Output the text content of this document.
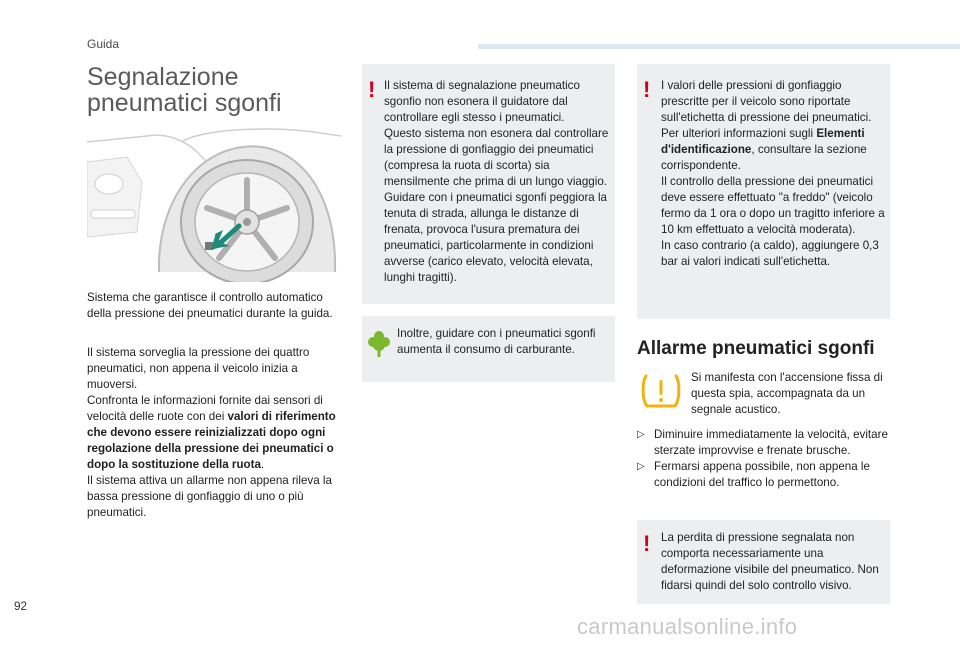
Guida
Segnalazione pneumatici sgonfi

Sistema che garantisce il controllo automatico della pressione dei pneumatici durante la guida.

Il sistema sorveglia la pressione dei quattro pneumatici, non appena il veicolo inizia a muoversi.

Confronta le informazioni fornite dai sensori di velocità delle ruote con dei valori di riferimento che devono essere reinizializzati dopo ogni regolazione della pressione dei pneumatici o dopo la sostituzione della ruota.

Il sistema attiva un allarme non appena rileva la bassa pressione di gonfiaggio di uno o più pneumatici.

! Il sistema di segnalazione pneumatico sgonfio non esonera il guidatore dal controllare egli stesso i pneumatici.

Questo sistema non esonera dal controllare la pressione di gonfiaggio dei pneumatici (compresa la ruota di scorta) sia mensilmente che prima di un lungo viaggio.

Guidare con i pneumatici sgonfi peggiora la tenuta di strada, allunga le distanze di frenata, provoca l'usura prematura dei pneumatici, particolarmente in condizioni avverse (carico elevato, velocità elevata, lunghi tragitti).

Inoltre, guidare con i pneumatici sgonfi aumenta il consumo di carburante.
! I valori delle pressioni di gonfiaggio prescritte per il veicolo sono riportate sull'etichetta di pressione dei pneumatici.

Per ulteriori informazioni sugli Elementi d'identificazione, consultare la sezione corrispondente.

Il controllo della pressione dei pneumatici deve essere effettuato "a freddo" (veicolo fermo da 1 ora o dopo un tragitto inferiore a 10 km effettuato a velocità moderata).

In caso contrario (a caldo), aggiungere 0,3 bar ai valori indicati sull'etichetta.

Allarme pneumatici sgonfi
Si manifesta con l'accensione fissa di questa spia, accompagnata da un segnale acustico.
▷ Diminuire immediatamente la velocità, evitare sterzate improvvise e frenate brusche.
▷ Fermarsi appena possibile, non appena le condizioni del traffico lo permettono.
! La perdita di pressione segnalata non comporta necessariamente una deformazione visibile del pneumatico. Non fidarsi quindi del solo controllo visivo.
92
carmanualsonline.info
